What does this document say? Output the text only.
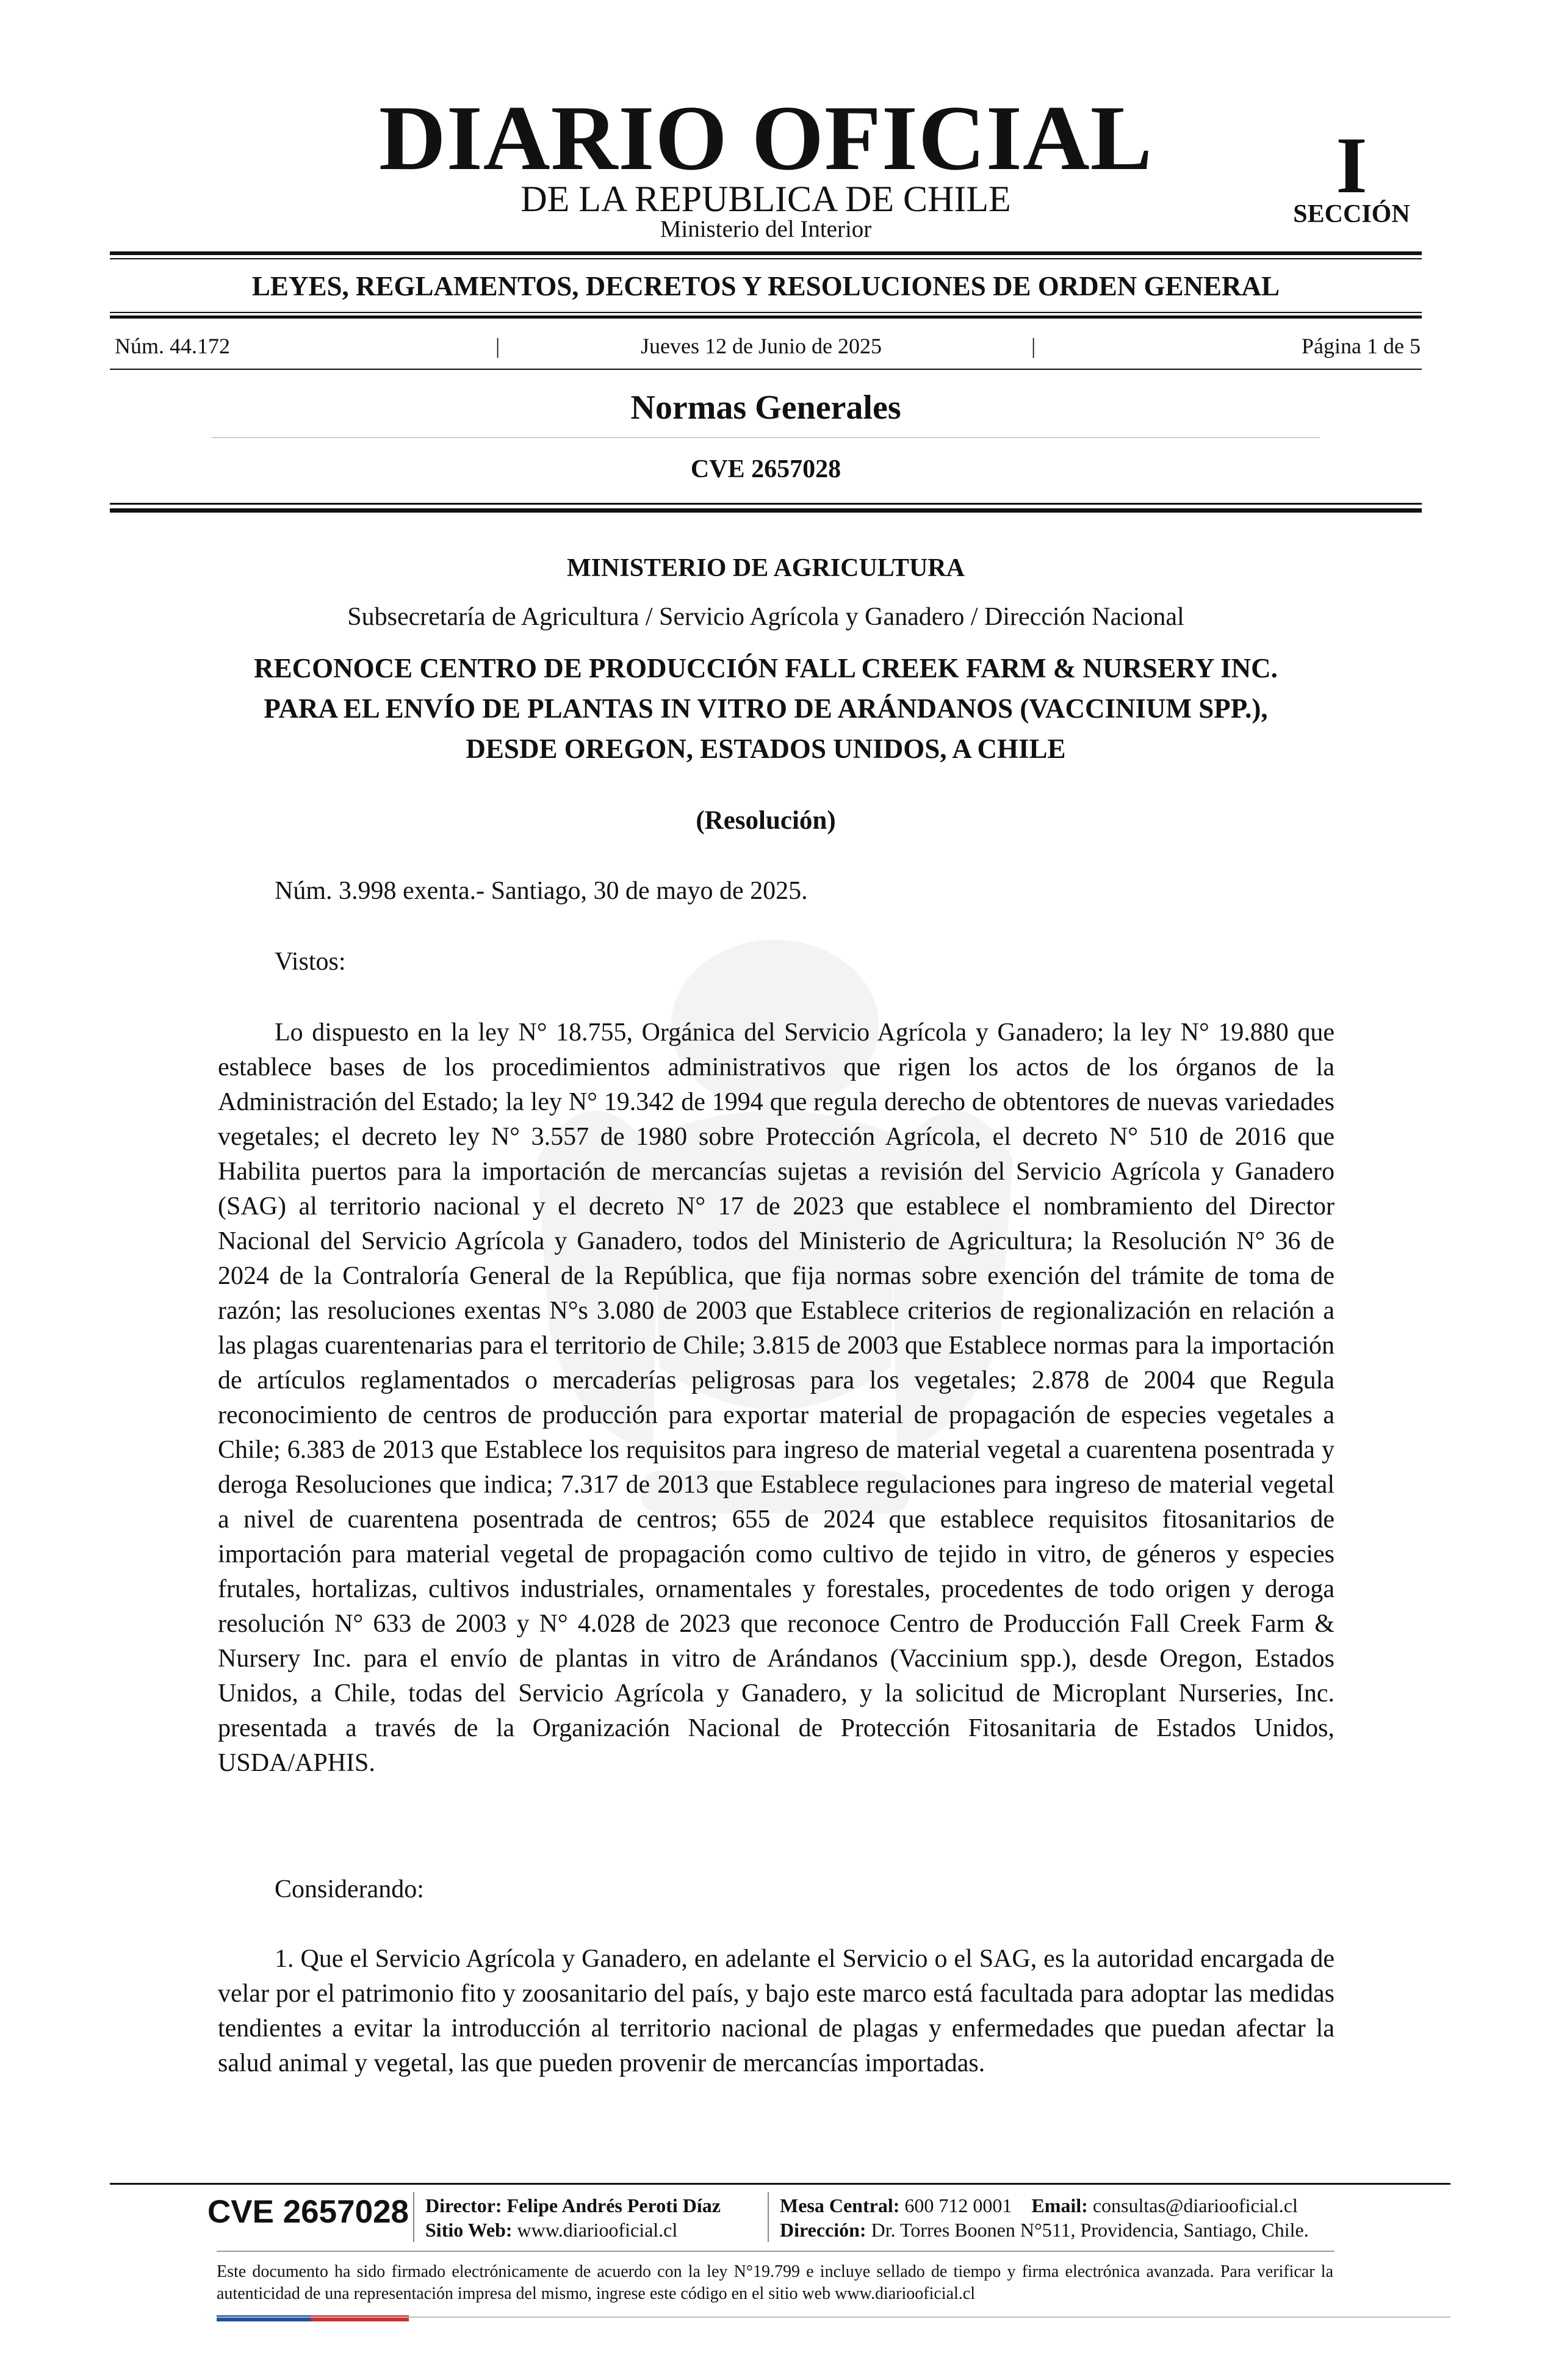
DIARIO OFICIAL
DE LA REPUBLICA DE CHILE
Ministerio del Interior
I
SECCIÓN
LEYES, REGLAMENTOS, DECRETOS Y RESOLUCIONES DE ORDEN GENERAL
Núm. 44.172	|	Jueves 12 de Junio de 2025	|	Página 1 de 5
Normas Generales
CVE 2657028
MINISTERIO DE AGRICULTURA
Subsecretaría de Agricultura / Servicio Agrícola y Ganadero / Dirección Nacional
RECONOCE CENTRO DE PRODUCCIÓN FALL CREEK FARM & NURSERY INC.
PARA EL ENVÍO DE PLANTAS IN VITRO DE ARÁNDANOS (VACCINIUM SPP.),
DESDE OREGON, ESTADOS UNIDOS, A CHILE
(Resolución)
Núm. 3.998 exenta.- Santiago, 30 de mayo de 2025.
Vistos:
Lo dispuesto en la ley N° 18.755, Orgánica del Servicio Agrícola y Ganadero; la ley N° 19.880 que establece bases de los procedimientos administrativos que rigen los actos de los órganos de la Administración del Estado; la ley N° 19.342 de 1994 que regula derecho de obtentores de nuevas variedades vegetales; el decreto ley N° 3.557 de 1980 sobre Protección Agrícola, el decreto N° 510 de 2016 que Habilita puertos para la importación de mercancías sujetas a revisión del Servicio Agrícola y Ganadero (SAG) al territorio nacional y el decreto N° 17 de 2023 que establece el nombramiento del Director Nacional del Servicio Agrícola y Ganadero, todos del Ministerio de Agricultura; la Resolución N° 36 de 2024 de la Contraloría General de la República, que fija normas sobre exención del trámite de toma de razón; las resoluciones exentas N°s 3.080 de 2003 que Establece criterios de regionalización en relación a las plagas cuarentenarias para el territorio de Chile; 3.815 de 2003 que Establece normas para la importación de artículos reglamentados o mercaderías peligrosas para los vegetales; 2.878 de 2004 que Regula reconocimiento de centros de producción para exportar material de propagación de especies vegetales a Chile; 6.383 de 2013 que Establece los requisitos para ingreso de material vegetal a cuarentena posentrada y deroga Resoluciones que indica; 7.317 de 2013 que Establece regulaciones para ingreso de material vegetal a nivel de cuarentena posentrada de centros; 655 de 2024 que establece requisitos fitosanitarios de importación para material vegetal de propagación como cultivo de tejido in vitro, de géneros y especies frutales, hortalizas, cultivos industriales, ornamentales y forestales, procedentes de todo origen y deroga resolución N° 633 de 2003 y N° 4.028 de 2023 que reconoce Centro de Producción Fall Creek Farm & Nursery Inc. para el envío de plantas in vitro de Arándanos (Vaccinium spp.), desde Oregon, Estados Unidos, a Chile, todas del Servicio Agrícola y Ganadero, y la solicitud de Microplant Nurseries, Inc. presentada a través de la Organización Nacional de Protección Fitosanitaria de Estados Unidos, USDA/APHIS.
Considerando:
1. Que el Servicio Agrícola y Ganadero, en adelante el Servicio o el SAG, es la autoridad encargada de velar por el patrimonio fito y zoosanitario del país, y bajo este marco está facultada para adoptar las medidas tendientes a evitar la introducción al territorio nacional de plagas y enfermedades que puedan afectar la salud animal y vegetal, las que pueden provenir de mercancías importadas.
CVE 2657028 Director: Felipe Andrés Peroti Díaz
Sitio Web: www.diariooficial.cl
Mesa Central: 600 712 0001 Email: consultas@diariooficial.cl
Dirección: Dr. Torres Boonen N°511, Providencia, Santiago, Chile.
Este documento ha sido firmado electrónicamente de acuerdo con la ley N°19.799 e incluye sellado de tiempo y firma electrónica avanzada. Para verificar la autenticidad de una representación impresa del mismo, ingrese este código en el sitio web www.diariooficial.cl
